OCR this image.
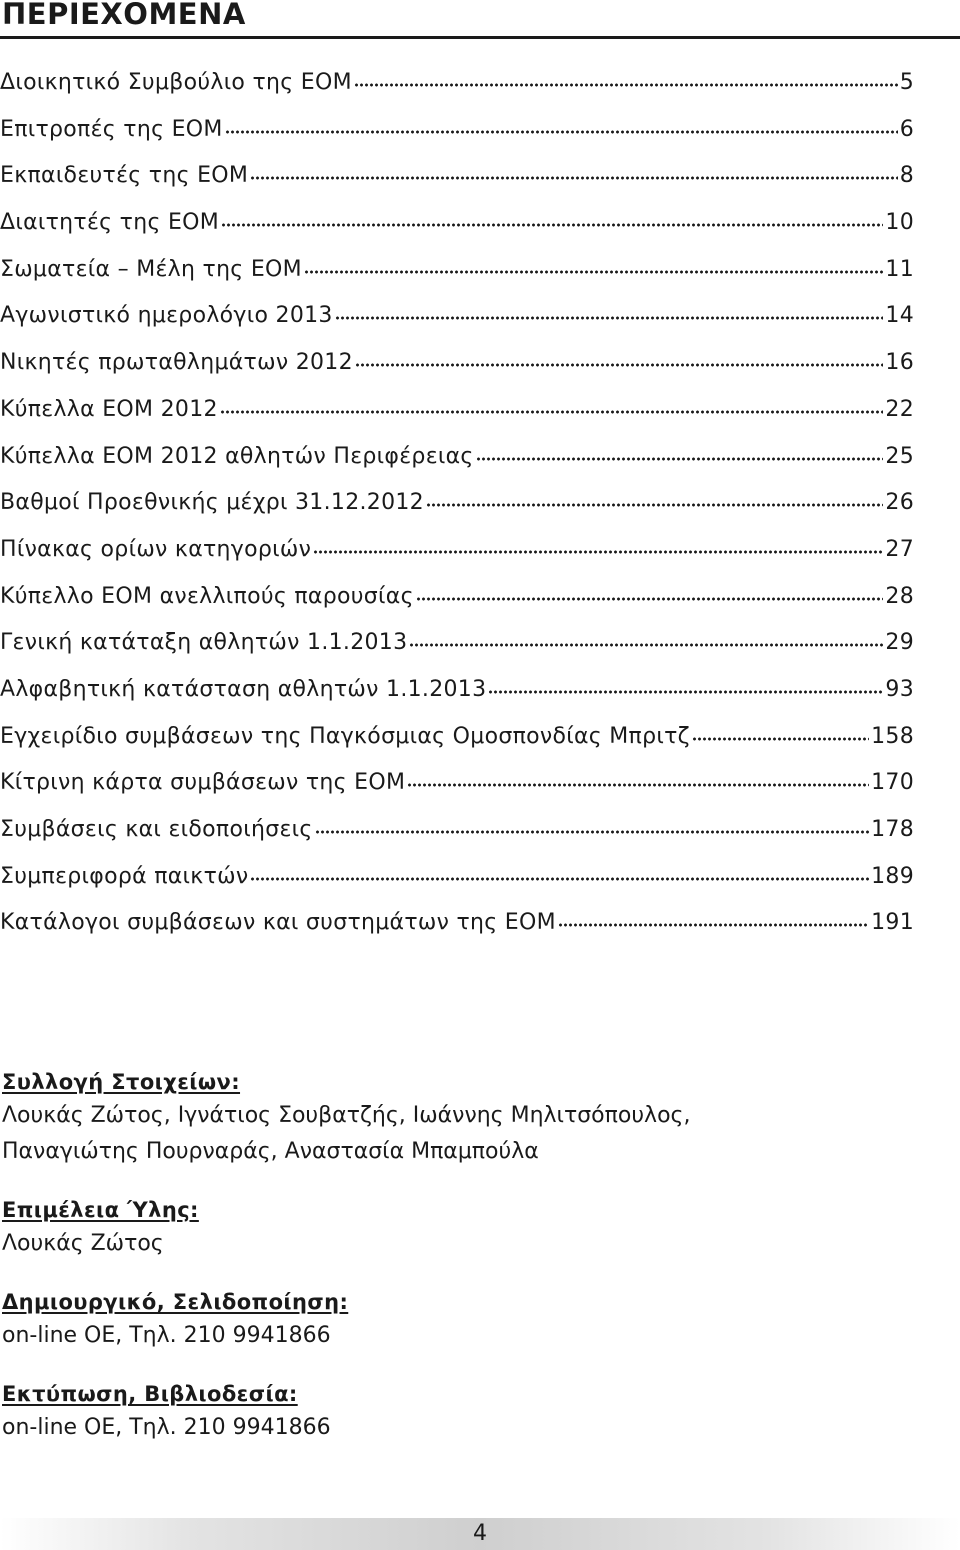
ΠΕΡΙΕΧΟΜΕΝΑ
Διοικητικό Συμβούλιο της ΕΟΜ	5
Επιτροπές της ΕΟΜ	6
Εκπαιδευτές της ΕΟΜ	8
Διαιτητές της ΕΟΜ	10
Σωματεία – Μέλη της ΕΟΜ	11
Αγωνιστικό ημερολόγιο 2013	14
Νικητές πρωταθλημάτων 2012	16
Κύπελλα ΕΟΜ 2012	22
Κύπελλα ΕΟΜ 2012 αθλητών Περιφέρειας	25
Βαθμοί Προεθνικής μέχρι 31.12.2012	26
Πίνακας ορίων κατηγοριών	27
Κύπελλο ΕΟΜ ανελλιπούς παρουσίας	28
Γενική κατάταξη αθλητών 1.1.2013	29
Αλφαβητική κατάσταση αθλητών 1.1.2013	93
Εγχειρίδιο συμβάσεων της Παγκόσμιας Ομοσπονδίας Μπριτζ	158
Κίτρινη κάρτα συμβάσεων της ΕΟΜ	170
Συμβάσεις και ειδοποιήσεις	178
Συμπεριφορά παικτών	189
Κατάλογοι συμβάσεων και συστημάτων της ΕΟΜ	191
Συλλογή Στοιχείων:
Λουκάς Ζώτος, Ιγνάτιος Σουβατζής, Ιωάννης Μηλιτσόπουλος,
Παναγιώτης Πουρναράς, Αναστασία Μπαμπούλα
Επιμέλεια Ύλης:
Λουκάς Ζώτος
Δημιουργικό, Σελιδοποίηση:
on-line ΟΕ, Τηλ. 210 9941866
Εκτύπωση, Βιβλιοδεσία:
on-line ΟΕ, Τηλ. 210 9941866
4
